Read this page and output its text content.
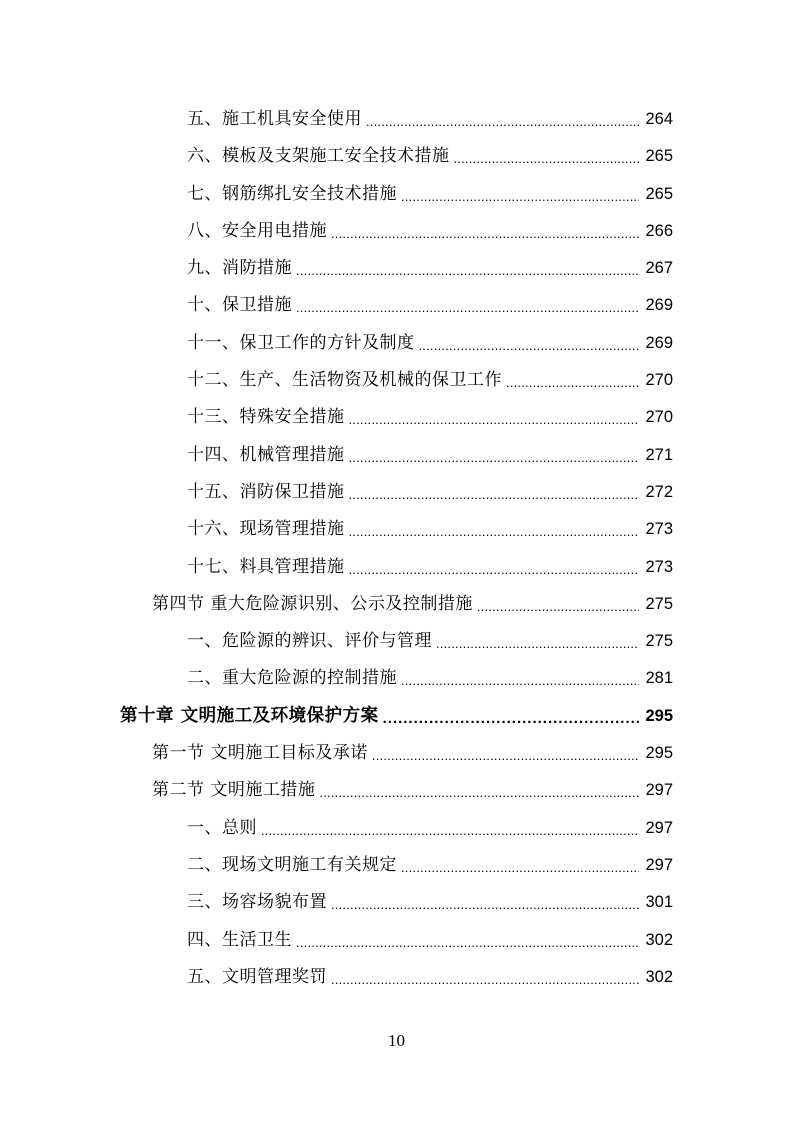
五、施工机具安全使用 .....	264
六、模板及支架施工安全技术措施 .....	265
七、钢筋绑扎安全技术措施 .....	265
八、安全用电措施 .....	266
九、消防措施 .....	267
十、保卫措施 .....	269
十一、保卫工作的方针及制度 .....	269
十二、生产、生活物资及机械的保卫工作 .....	270
十三、特殊安全措施 .....	270
十四、机械管理措施 .....	271
十五、消防保卫措施 .....	272
十六、现场管理措施 .....	273
十七、料具管理措施 .....	273
第四节 重大危险源识别、公示及控制措施 .....	275
一、危险源的辨识、评价与管理 .....	275
二、重大危险源的控制措施 .....	281
第十章 文明施工及环境保护方案 .....	295
第一节 文明施工目标及承诺 .....	295
第二节 文明施工措施 .....	297
一、总则 .....	297
二、现场文明施工有关规定 .....	297
三、场容场貌布置 .....	301
四、生活卫生 .....	302
五、文明管理奖罚 .....	302
10
